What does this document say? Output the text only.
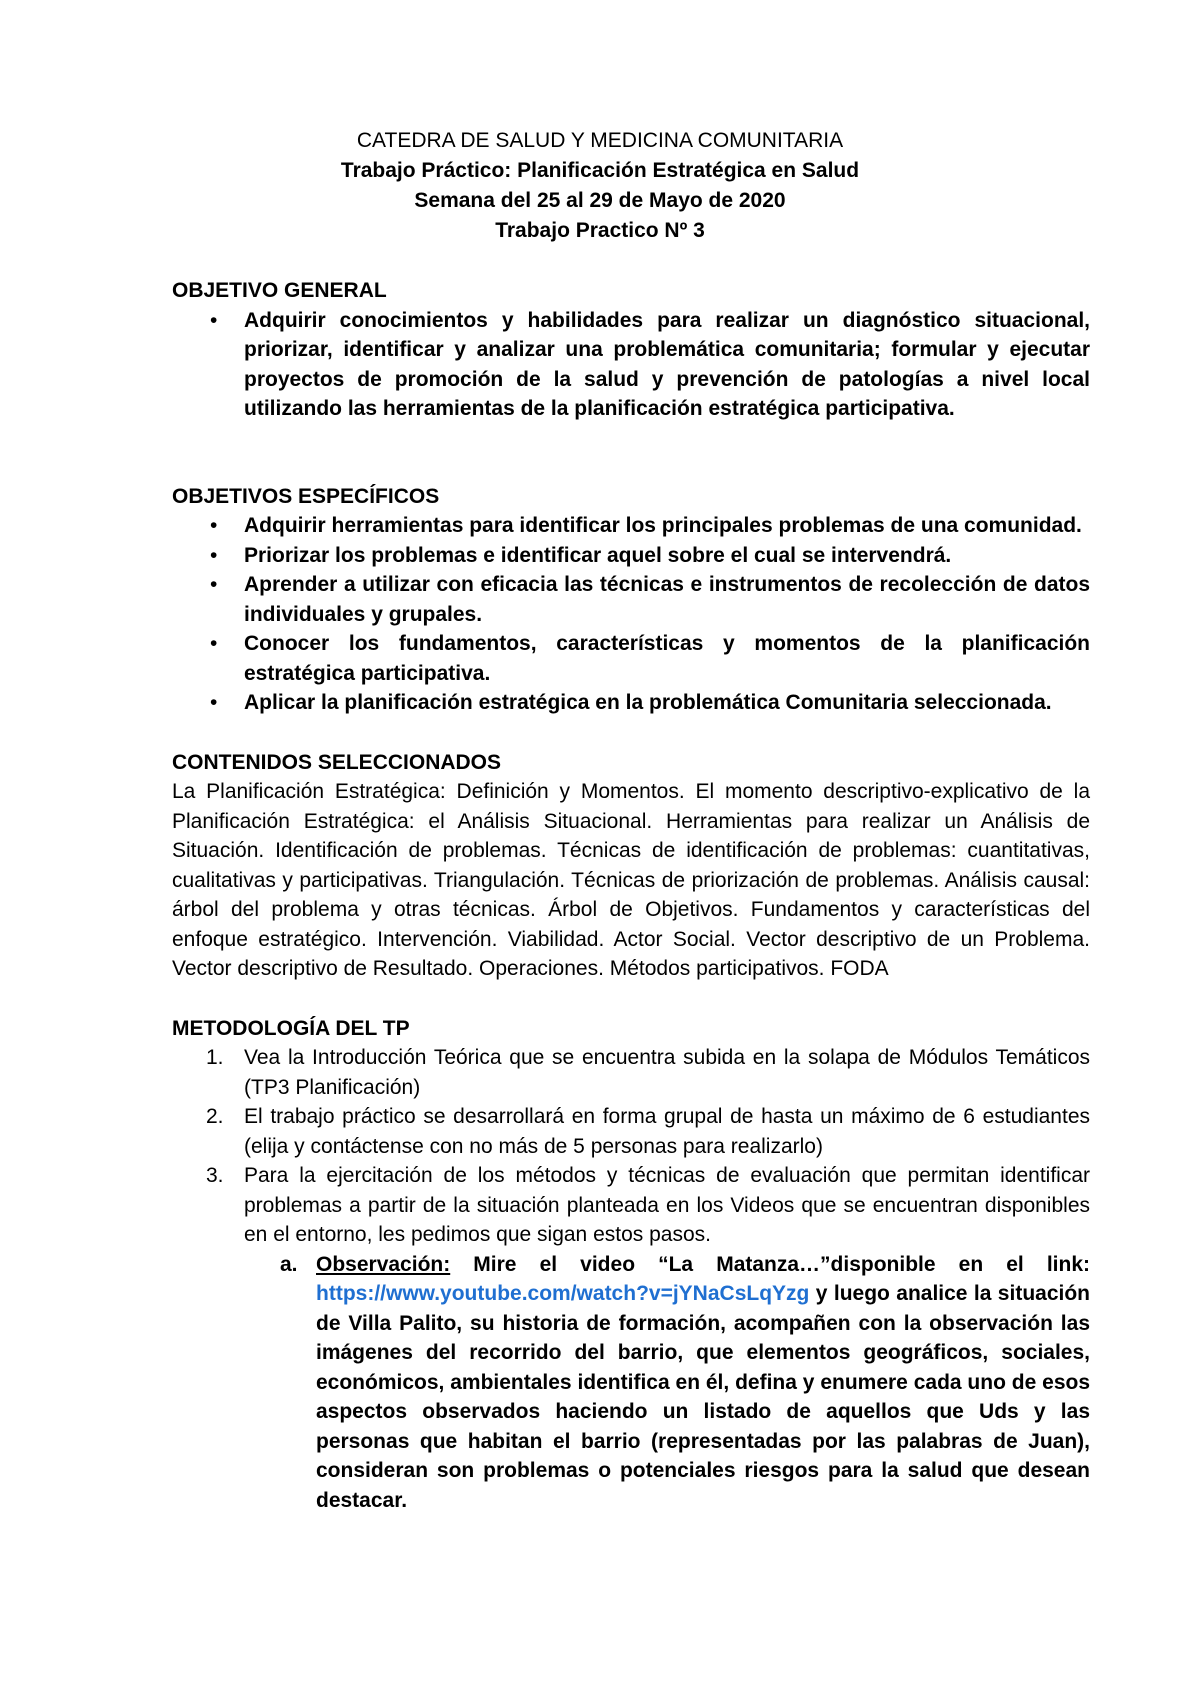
CATEDRA DE SALUD Y MEDICINA COMUNITARIA
Trabajo Práctico: Planificación Estratégica en Salud
Semana del 25 al 29 de Mayo de 2020
Trabajo Practico Nº 3
OBJETIVO GENERAL
• Adquirir conocimientos y habilidades para realizar un diagnóstico situacional, priorizar, identificar y analizar una problemática comunitaria; formular y ejecutar proyectos de promoción de la salud y prevención de patologías a nivel local utilizando las herramientas de la planificación estratégica participativa.
OBJETIVOS ESPECÍFICOS
• Adquirir herramientas para identificar los principales problemas de una comunidad.
• Priorizar los problemas e identificar aquel sobre el cual se intervendrá.
• Aprender a utilizar con eficacia las técnicas e instrumentos de recolección de datos individuales y grupales.
• Conocer los fundamentos, características y momentos de la planificación estratégica participativa.
• Aplicar la planificación estratégica en la problemática Comunitaria seleccionada.
CONTENIDOS SELECCIONADOS

La Planificación Estratégica: Definición y Momentos. El momento descriptivo-explicativo de la Planificación Estratégica: el Análisis Situacional. Herramientas para realizar un Análisis de Situación. Identificación de problemas. Técnicas de identificación de problemas: cuantitativas, cualitativas y participativas. Triangulación. Técnicas de priorización de problemas. Análisis causal: árbol del problema y otras técnicas. Árbol de Objetivos. Fundamentos y características del enfoque estratégico. Intervención. Viabilidad. Actor Social. Vector descriptivo de un Problema. Vector descriptivo de Resultado. Operaciones. Métodos participativos. FODA

METODOLOGÍA DEL TP
1. Vea la Introducción Teórica que se encuentra subida en la solapa de Módulos Temáticos (TP3 Planificación)
2. El trabajo práctico se desarrollará en forma grupal de hasta un máximo de 6 estudiantes (elija y contáctense con no más de 5 personas para realizarlo)
3. Para la ejercitación de los métodos y técnicas de evaluación que permitan identificar problemas a partir de la situación planteada en los Videos que se encuentran disponibles en el entorno, les pedimos que sigan estos pasos.
a. Observación: Mire el video “La Matanza…”disponible en el link: https://www.youtube.com/watch?v=jYNaCsLqYzg y luego analice la situación de Villa Palito, su historia de formación, acompañen con la observación las imágenes del recorrido del barrio, que elementos geográficos, sociales, económicos, ambientales identifica en él, defina y enumere cada uno de esos aspectos observados haciendo un listado de aquellos que Uds y las personas que habitan el barrio (representadas por las palabras de Juan), consideran son problemas o potenciales riesgos para la salud que desean destacar.
